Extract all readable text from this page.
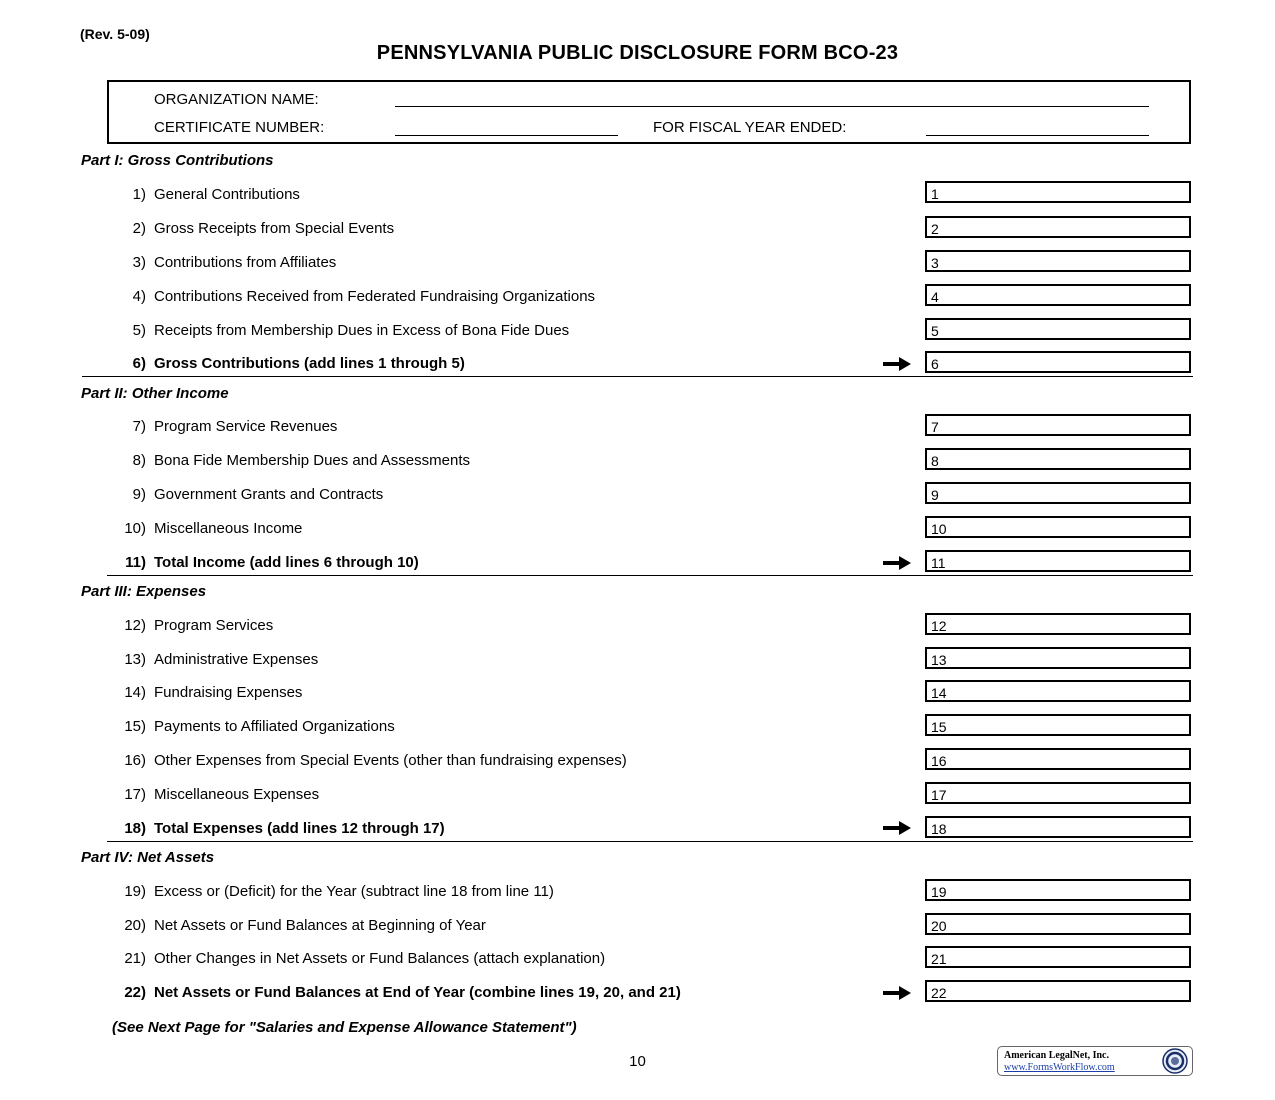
(Rev. 5-09)
PENNSYLVANIA PUBLIC DISCLOSURE FORM BCO-23
ORGANIZATION NAME:
CERTIFICATE NUMBER:	FOR FISCAL YEAR ENDED:
Part I: Gross Contributions
Part II: Other Income
Part III: Expenses
Part IV: Net Assets
1) General Contributions	1
2) Gross Receipts from Special Events	2
3) Contributions from Affiliates	3
4) Contributions Received from Federated Fundraising Organizations	4
5) Receipts from Membership Dues in Excess of Bona Fide Dues	5
6) Gross Contributions (add lines 1 through 5)	6
7) Program Service Revenues	7
8) Bona Fide Membership Dues and Assessments	8
9) Government Grants and Contracts	9
10) Miscellaneous Income	10
11) Total Income (add lines 6 through 10)	11
12) Program Services	12
13) Administrative Expenses	13
14) Fundraising Expenses	14
15) Payments to Affiliated Organizations	15
16) Other Expenses from Special Events (other than fundraising expenses)	16
17) Miscellaneous Expenses	17
18) Total Expenses (add lines 12 through 17)	18
19) Excess or (Deficit) for the Year (subtract line 18 from line 11)	19
20) Net Assets or Fund Balances at Beginning of Year	20
21) Other Changes in Net Assets or Fund Balances (attach explanation)	21
22) Net Assets or Fund Balances at End of Year (combine lines 19, 20, and 21)	22
(See Next Page for "Salaries and Expense Allowance Statement")
10	American LegalNet, Inc.
www.FormsWorkFlow.com
